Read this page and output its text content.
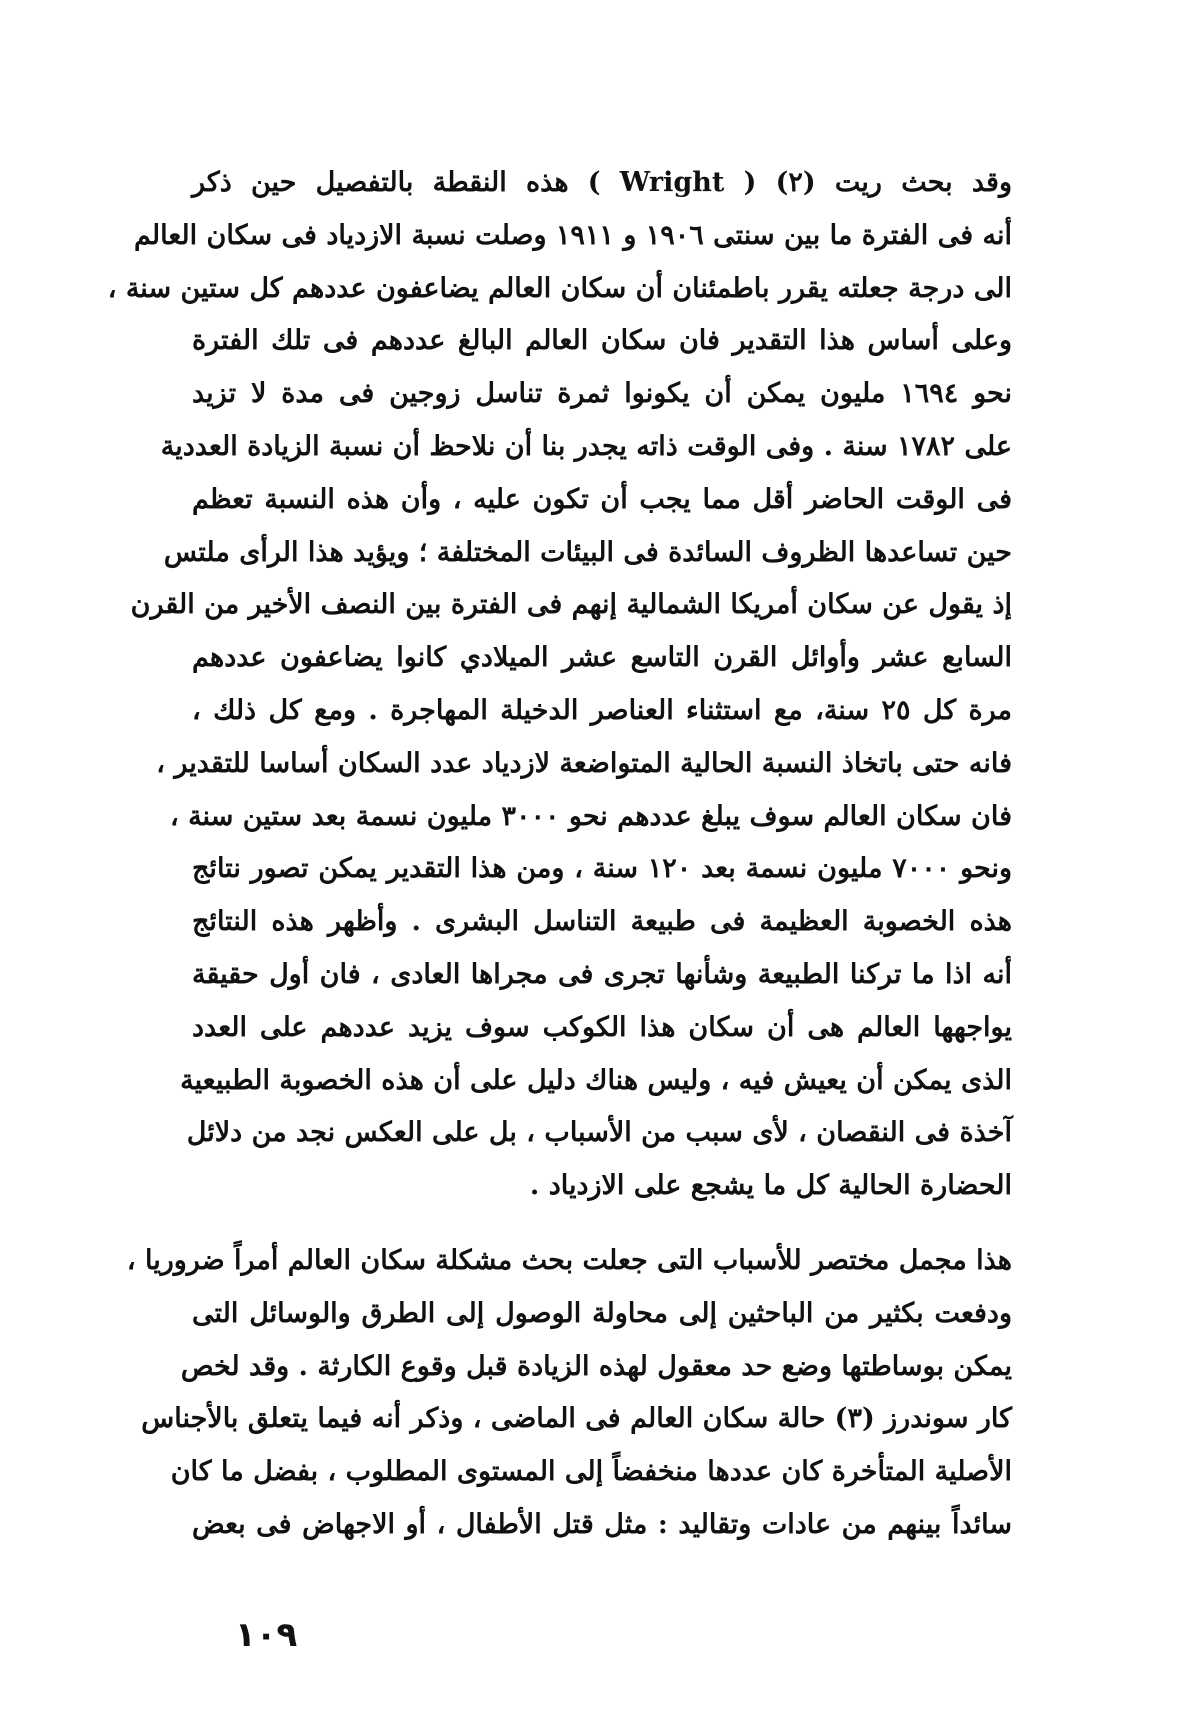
وقد بحث ريت (٢) ( Wright ) هذه النقطة بالتفصيل حين ذكر
أنه فى الفترة ما بين سنتى ١٩٠٦ و ١٩١١ وصلت نسبة الازدياد فى سكان العالم
الى درجة جعلته يقرر باطمئنان أن سكان العالم يضاعفون عددهم كل ستين سنة ،
وعلى أساس هذا التقدير فان سكان العالم البالغ عددهم فى تلك الفترة
نحو ١٦٩٤ مليون يمكن أن يكونوا ثمرة تناسل زوجين فى مدة لا تزيد
على ١٧٨٢ سنة . وفى الوقت ذاته يجدر بنا أن نلاحظ أن نسبة الزيادة العددية
فى الوقت الحاضر أقل مما يجب أن تكون عليه ، وأن هذه النسبة تعظم
حين تساعدها الظروف السائدة فى البيئات المختلفة ؛ ويؤيد هذا الرأى ملتس
إذ يقول عن سكان أمريكا الشمالية إنهم فى الفترة بين النصف الأخير من القرن
السابع عشر وأوائل القرن التاسع عشر الميلادي كانوا يضاعفون عددهم
مرة كل ٢٥ سنة، مع استثناء العناصر الدخيلة المهاجرة . ومع كل ذلك ،
فانه حتى باتخاذ النسبة الحالية المتواضعة لازدياد عدد السكان أساسا للتقدير ،
فان سكان العالم سوف يبلغ عددهم نحو ٣٠٠٠ مليون نسمة بعد ستين سنة ،
ونحو ٧٠٠٠ مليون نسمة بعد ١٢٠ سنة ، ومن هذا التقدير يمكن تصور نتائج
هذه الخصوبة العظيمة فى طبيعة التناسل البشرى . وأظهر هذه النتائج
أنه اذا ما تركنا الطبيعة وشأنها تجرى فى مجراها العادى ، فان أول حقيقة
يواجهها العالم هى أن سكان هذا الكوكب سوف يزيد عددهم على العدد
الذى يمكن أن يعيش فيه ، وليس هناك دليل على أن هذه الخصوبة الطبيعية
آخذة فى النقصان ، لأى سبب من الأسباب ، بل على العكس نجد من دلائل
الحضارة الحالية كل ما يشجع على الازدياد .
هذا مجمل مختصر للأسباب التى جعلت بحث مشكلة سكان العالم أمراً ضروريا ،
ودفعت بكثير من الباحثين إلى محاولة الوصول إلى الطرق والوسائل التى
يمكن بوساطتها وضع حد معقول لهذه الزيادة قبل وقوع الكارثة . وقد لخص
كار سوندرز (٣) حالة سكان العالم فى الماضى ، وذكر أنه فيما يتعلق بالأجناس
الأصلية المتأخرة كان عددها منخفضاً إلى المستوى المطلوب ، بفضل ما كان
سائداً بينهم من عادات وتقاليد : مثل قتل الأطفال ، أو الاجهاض فى بعض
١٠٩
